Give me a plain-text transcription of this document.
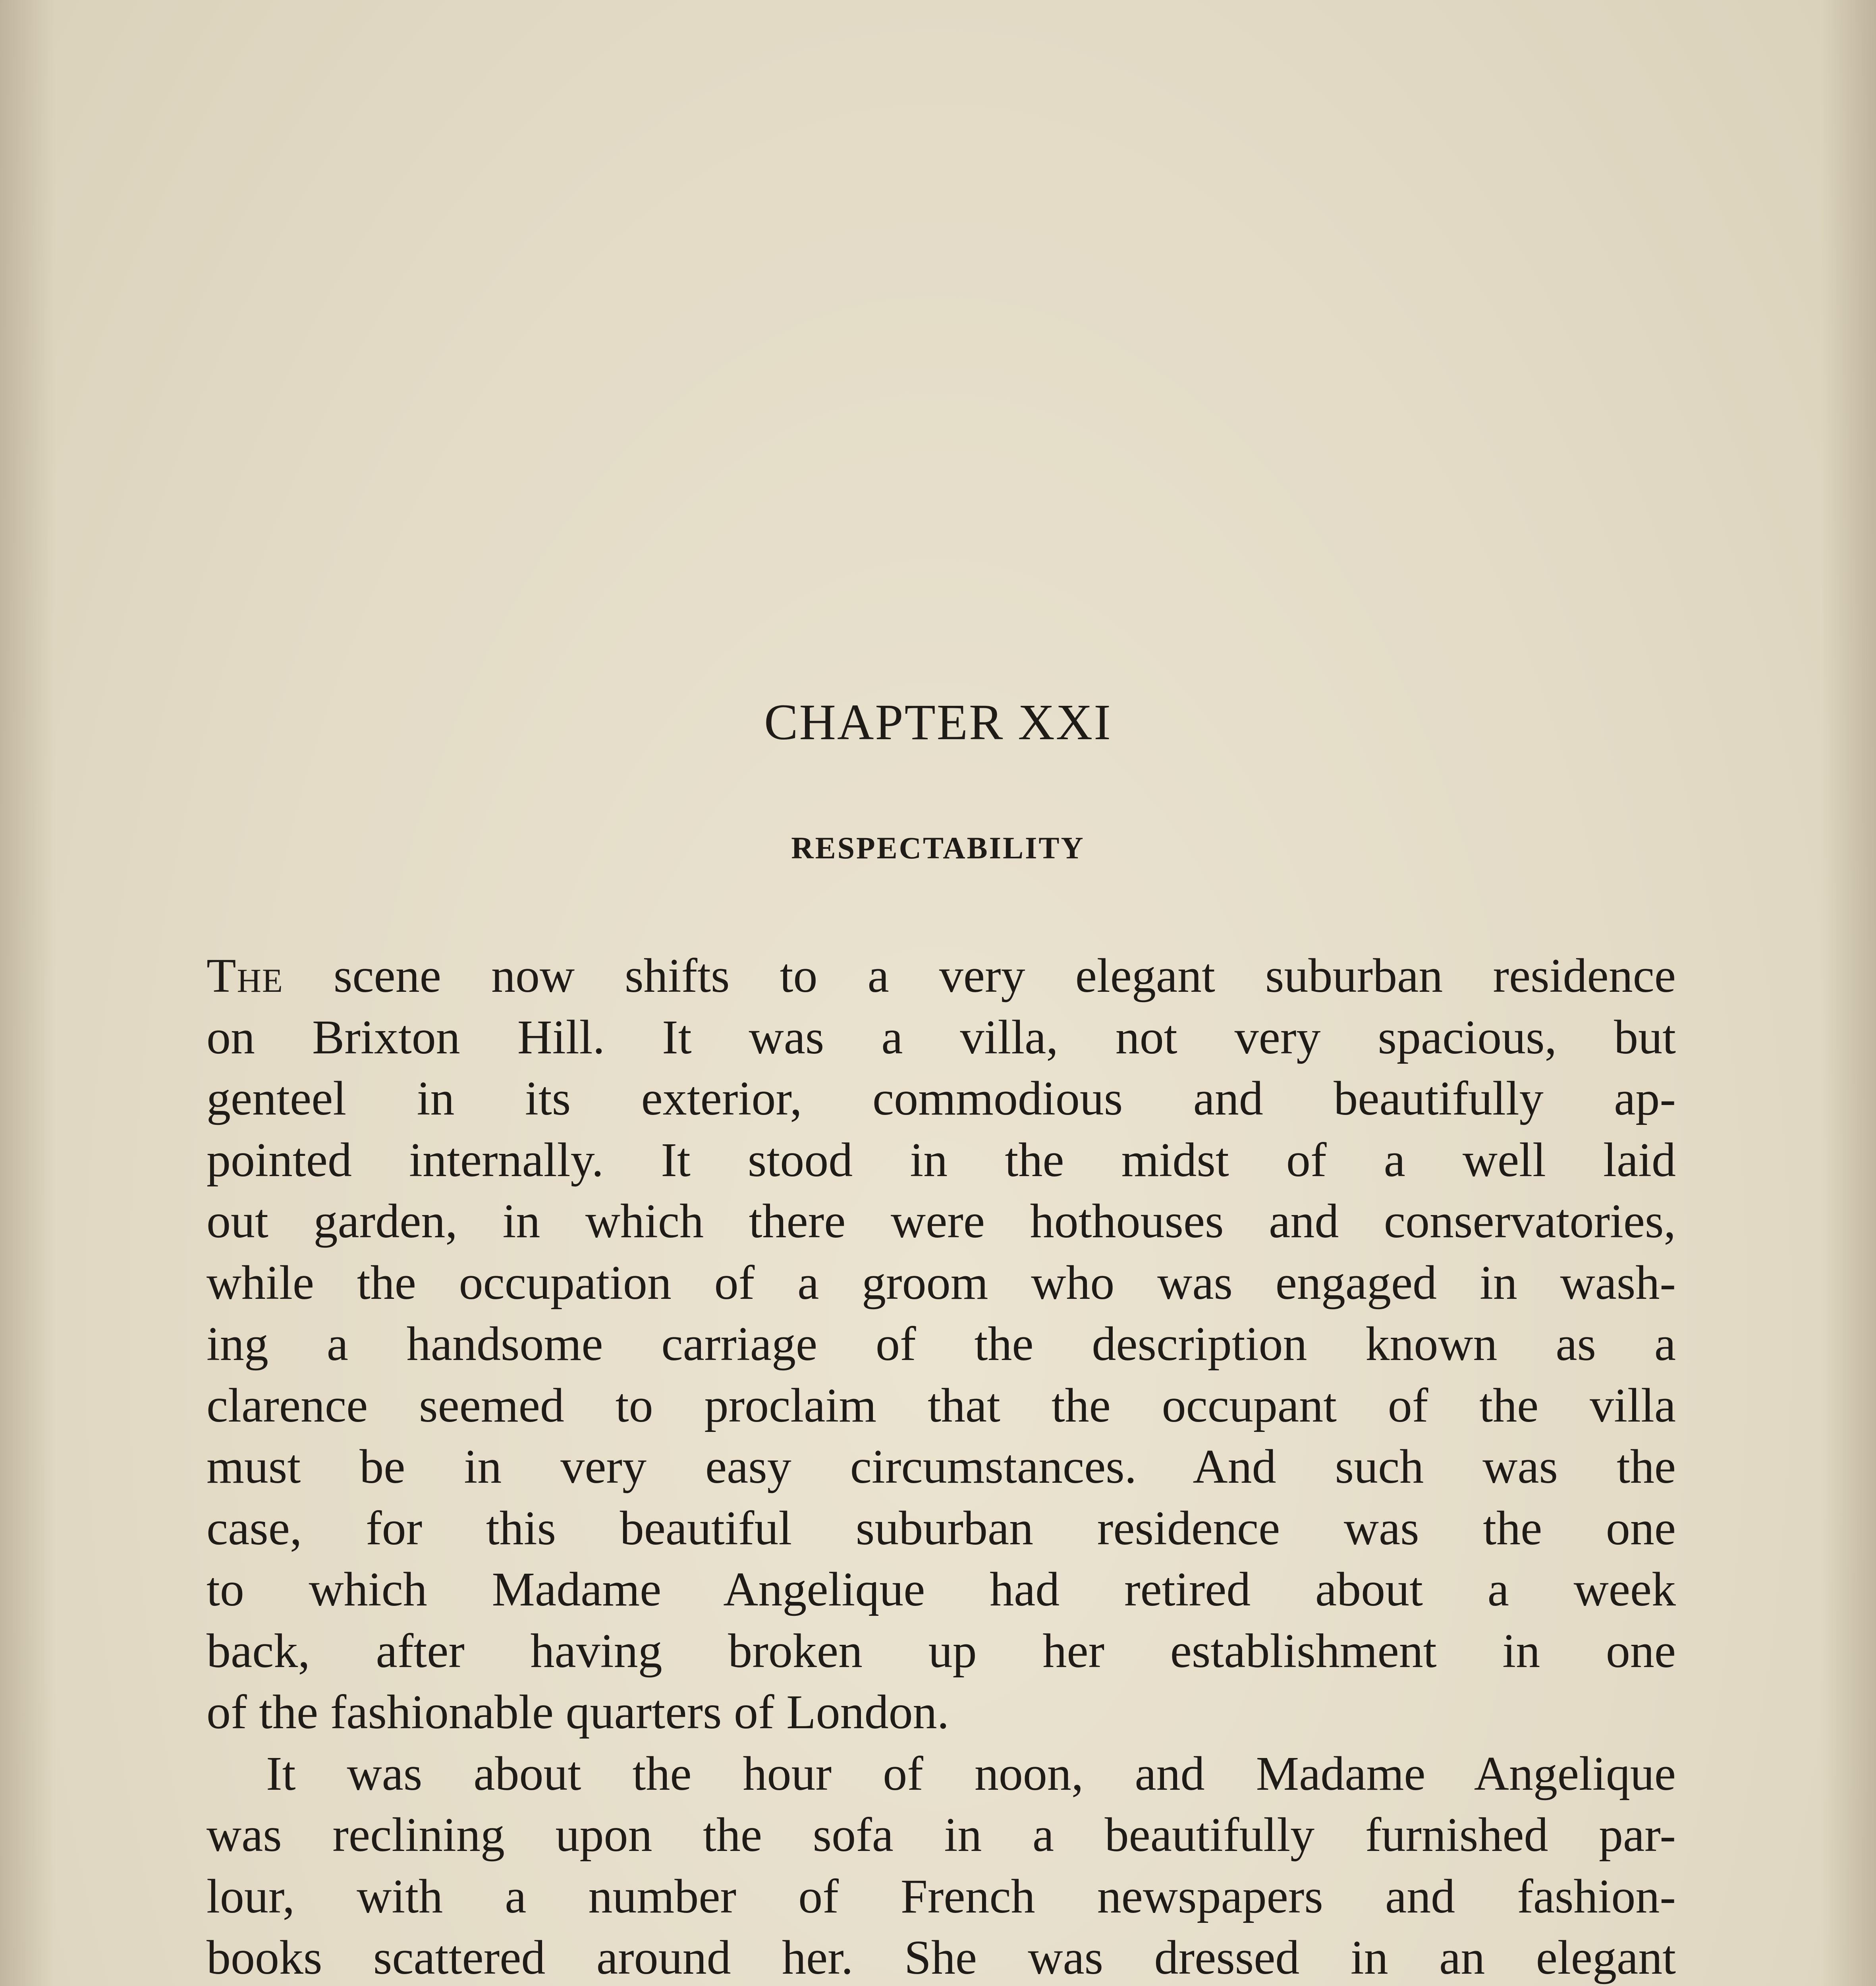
CHAPTER XXI
RESPECTABILITY
The scene now shifts to a very elegant suburban residence
on Brixton Hill. It was a villa, not very spacious, but
genteel in its exterior, commodious and beautifully ap-
pointed internally. It stood in the midst of a well laid
out garden, in which there were hothouses and conservatories,
while the occupation of a groom who was engaged in wash-
ing a handsome carriage of the description known as a
clarence seemed to proclaim that the occupant of the villa
must be in very easy circumstances. And such was the
case, for this beautiful suburban residence was the one
to which Madame Angelique had retired about a week
back, after having broken up her establishment in one
of the fashionable quarters of London.
It was about the hour of noon, and Madame Angelique
was reclining upon the sofa in a beautifully furnished par-
lour, with a number of French newspapers and fashion-
books scattered around her. She was dressed in an elegant
